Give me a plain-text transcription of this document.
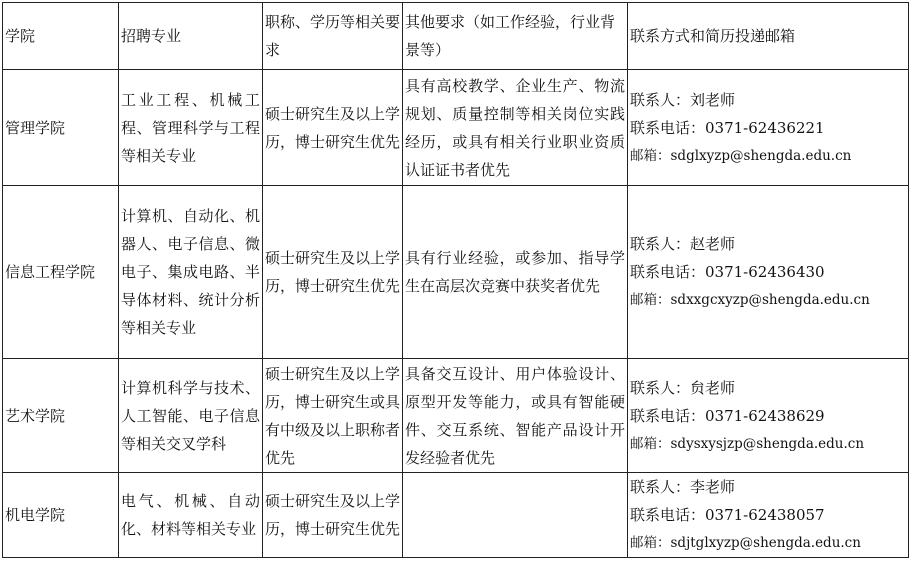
学院	招聘专业	职称、学历等相关要求	其他要求（如工作经验，行业背景等）	联系方式和简历投递邮箱
管理学院	工业工程、机械工程、管理科学与工程等相关专业	硕士研究生及以上学历，博士研究生优先	具有高校教学、企业生产、物流规划、质量控制等相关岗位实践经历，或具有相关行业职业资质认证证书者优先	联系人：刘老师
联系电话：0371-62436221
邮箱：sdglxyzp@shengda.edu.cn

信息工程学院	计算机、自动化、机器人、电子信息、微电子、集成电路、半导体材料、统计分析等相关专业	硕士研究生及以上学历，博士研究生优先	具有行业经验，或参加、指导学生在高层次竞赛中获奖者优先	联系人：赵老师
联系电话：0371-62436430
邮箱：sdxxgcxyzp@shengda.edu.cn

艺术学院	计算机科学与技术、人工智能、电子信息等相关交叉学科	硕士研究生及以上学历，博士研究生或具有中级及以上职称者优先	具备交互设计、用户体验设计、原型开发等能力，或具有智能硬件、交互系统、智能产品设计开发经验者优先	联系人：贠老师
联系电话：0371-62438629
邮箱：sdysxysjzp@shengda.edu.cn

机电学院	电气、机械、自动化、材料等相关专业	硕士研究生及以上学历，博士研究生优先		联系人：李老师
联系电话：0371-62438057
邮箱：sdjtglxyzp@shengda.edu.cn
